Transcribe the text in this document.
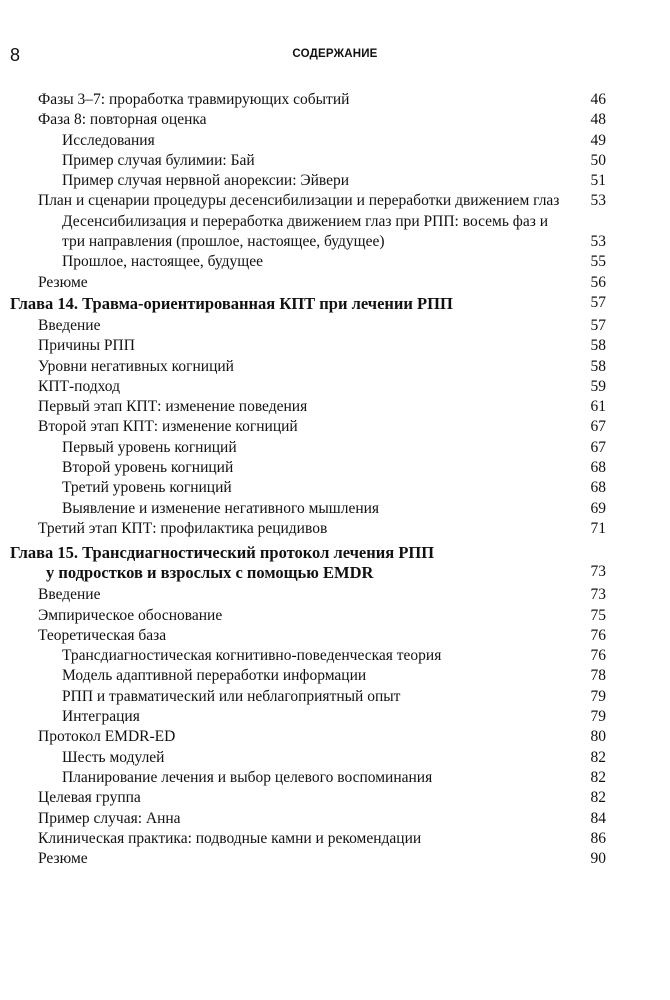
8	СОДЕРЖАНИЕ
Фазы 3–7: проработка травмирующих событий	46
Фаза 8: повторная оценка	48
Исследования	49
Пример случая булимии: Бай	50
Пример случая нервной анорексии: Эйвери	51
План и сценарии процедуры десенсибилизации и переработки движением глаз	53
Десенсибилизация и переработка движением глаз при РПП: восемь фаз и три направления (прошлое, настоящее, будущее)	53
Прошлое, настоящее, будущее	55
Резюме	56
Глава 14. Травма-ориентированная КПТ при лечении РПП	57
Введение	57
Причины РПП	58
Уровни негативных когниций	58
КПТ-подход	59
Первый этап КПТ: изменение поведения	61
Второй этап КПТ: изменение когниций	67
Первый уровень когниций	67
Второй уровень когниций	68
Третий уровень когниций	68
Выявление и изменение негативного мышления	69
Третий этап КПТ: профилактика рецидивов	71
Глава 15. Трансдиагностический протокол лечения РПП
у подростков и взрослых с помощью EMDR	73
Введение	73
Эмпирическое обоснование	75
Теоретическая база	76
Трансдиагностическая когнитивно-поведенческая теория	76
Модель адаптивной переработки информации	78
РПП и травматический или неблагоприятный опыт	79
Интеграция	79
Протокол EMDR-ED	80
Шесть модулей	82
Планирование лечения и выбор целевого воспоминания	82
Целевая группа	82
Пример случая: Анна	84
Клиническая практика: подводные камни и рекомендации	86
Резюме	90
